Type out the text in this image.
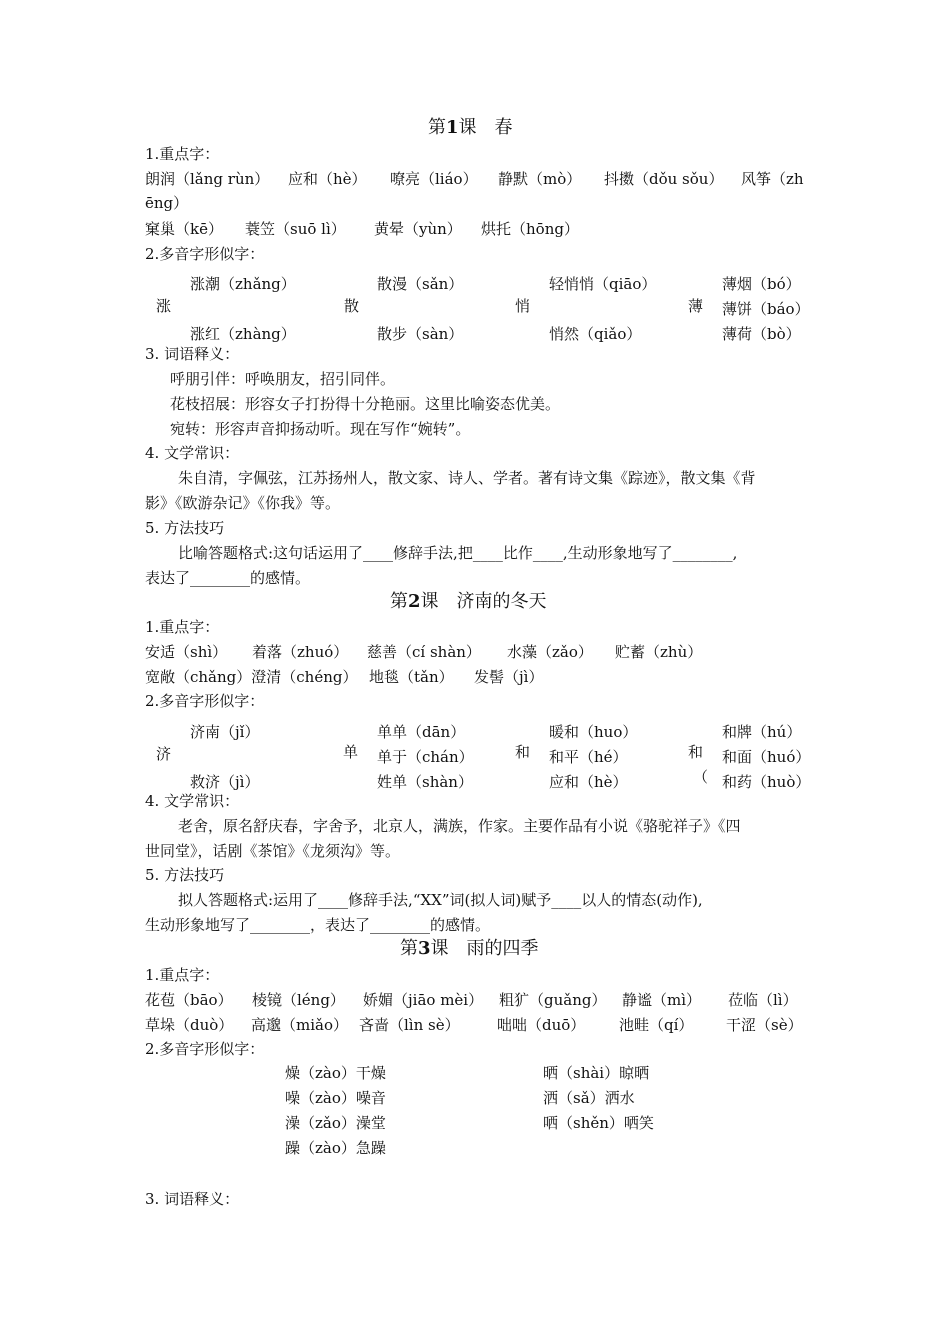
第1课　春
1.重点字：
朗润（lǎng rùn） 应和（hè） 嘹亮（liáo） 静默（mò） 抖擞（dǒu sǒu） 风筝（zh
ēng）
窠巢（kē） 蓑笠（suō lì） 黄晕（yùn） 烘托（hōng）
2.多音字形似字：
涨
涨潮（zhǎng）
涨红（zhàng）
散
散漫（sǎn）
散步（sàn）
悄
轻悄悄（qiāo）
悄然（qiǎo）
薄
薄烟（bó）
薄饼（báo）
薄荷（bò）
3. 词语释义：
呼朋引伴：呼唤朋友，招引同伴。
花枝招展：形容女子打扮得十分艳丽。这里比喻姿态优美。
宛转：形容声音抑扬动听。现在写作“婉转”。
4. 文学常识：
朱自清，字佩弦，江苏扬州人，散文家、诗人、学者。著有诗文集《踪迹》，散文集《背
影》《欧游杂记》《你我》等。
5. 方法技巧
比喻答题格式:这句话运用了____修辞手法,把____比作____,生动形象地写了________,
表达了________的感情。
第2课　济南的冬天
1.重点字：
安适（shì） 着落（zhuó） 慈善（cí shàn） 水藻（zǎo） 贮蓄（zhù）
宽敞（chǎng）澄清（chéng） 地毯（tǎn） 发髻（jì）
2.多音字形似字：
济
济南（jǐ）
救济（jì）
单
单单（dān）
单于（chán）
姓单（shàn）
和
暖和（huo）
和平（hé）
应和（hè）
和
（
和牌（hú）
和面（huó）
和药（huò）
4. 文学常识：
老舍，原名舒庆春，字舍予，北京人，满族，作家。主要作品有小说《骆驼祥子》《四
世同堂》，话剧《茶馆》《龙须沟》等。
5. 方法技巧
拟人答题格式:运用了____修辞手法,“XX”词(拟人词)赋予____以人的情态(动作),
生动形象地写了________，表达了________的感情。
第3课　雨的四季
1.重点字：
花苞（bāo） 棱镜（léng） 娇媚（jiāo mèi） 粗犷（guǎng） 静谧（mì） 莅临（lì）
草垛（duò） 高邈（miǎo） 吝啬（lìn sè） 咄咄（duō） 池畦（qí） 干涩（sè）
2.多音字形似字：
燥（zào）干燥
噪（zào）噪音
澡（zǎo）澡堂
躁（zào）急躁
晒（shài）晾晒
洒（sǎ）洒水
哂（shěn）哂笑
3. 词语释义：
